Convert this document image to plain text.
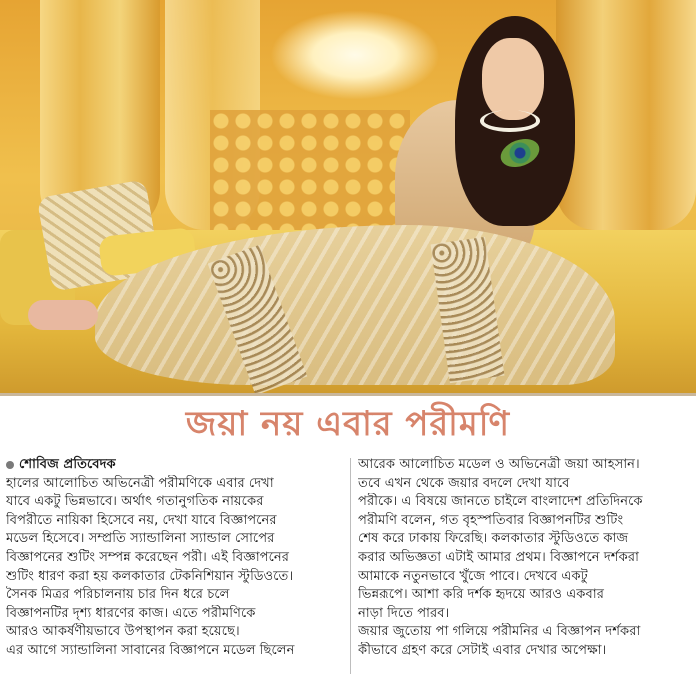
জয়া নয় এবার পরীমণি
শোবিজ প্রতিবেদক
হালের আলোচিত অভিনেত্রী পরীমণিকে এবার দেখা
যাবে একটু ভিন্নভাবে। অর্থাৎ গতানুগতিক নায়কের
বিপরীতে নায়িকা হিসেবে নয়, দেখা যাবে বিজ্ঞাপনের
মডেল হিসেবে। সম্প্রতি স্যান্ডালিনা স্যান্ডাল সোপের
বিজ্ঞাপনের শুটিং সম্পন্ন করেছেন পরী। এই বিজ্ঞাপনের
শুটিং ধারণ করা হয় কলকাতার টেকনিশিয়ান স্টুডিওতে।
সৈনক মিত্রর পরিচালনায় চার দিন ধরে চলে
বিজ্ঞাপনটির দৃশ্য ধারণের কাজ। এতে পরীমণিকে
আরও আকর্ষণীয়ভাবে উপস্থাপন করা হয়েছে।
এর আগে স্যান্ডালিনা সাবানের বিজ্ঞাপনে মডেল ছিলেন
আরেক আলোচিত মডেল ও অভিনেত্রী জয়া আহসান।
তবে এখন থেকে জয়ার বদলে দেখা যাবে
পরীকে। এ বিষয়ে জানতে চাইলে বাংলাদেশ প্রতিদিনকে
পরীমণি বলেন, গত বৃহস্পতিবার বিজ্ঞাপনটির শুটিং
শেষ করে ঢাকায় ফিরেছি। কলকাতার স্টুডিওতে কাজ
করার অভিজ্ঞতা এটাই আমার প্রথম। বিজ্ঞাপনে দর্শকরা
আমাকে নতুনভাবে খুঁজে পাবে। দেখবে একটু
ভিন্নরূপে। আশা করি দর্শক হৃদয়ে আরও একবার
নাড়া দিতে পারব।
জয়ার জুতোয় পা গলিয়ে পরীমনির এ বিজ্ঞাপন দর্শকরা
কীভাবে গ্রহণ করে সেটাই এবার দেখার অপেক্ষা।
